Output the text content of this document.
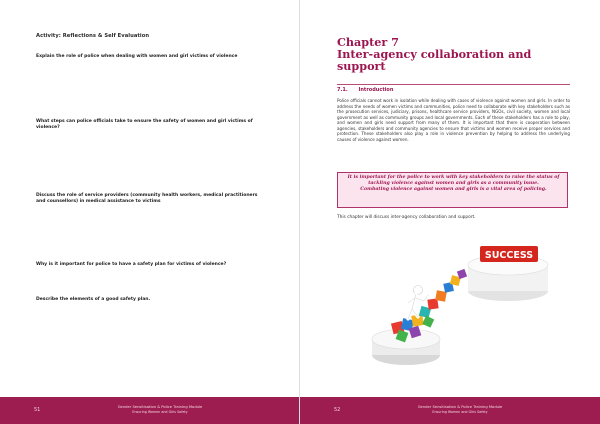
Activity: Reflections & Self Evaluation
Explain the role of police when dealing with women and girl victims of violence
What steps can police officials take to ensure the safety of women and girl victims of violence?
Discuss the role of service providers (community health workers, medical practitioners and counsellors) in medical assistance to victims
Why is it important for police to have a safety plan for victims of violence?
Describe the elements of a good safety plan.
51	Gender Sensitisation & Police Training Module
Ensuring Women and Girls Safety
Chapter 7
Inter-agency collaboration and support
7.1. Introduction
Police officials cannot work in isolation while dealing with cases of violence against women and girls. In order to address the needs of women victims and communities, police need to collaborate with key stakeholders such as the prosecution services, judiciary, prisons, healthcare service providers, NGOs, civil society, women and local government as well as community groups and local governments. Each of these stakeholders has a role to play, and women and girls need support from many of them. It is important that there is cooperation between agencies, stakeholders and community agencies to ensure that victims and women receive proper services and protection. These stakeholders also play a role in violence prevention by helping to address the underlying causes of violence against women.
It is important for the police to work with key stakeholders to raise the status of tackling violence against women and girls as a community issue.
Combating violence against women and girls is a vital area of policing.
This chapter will discuss inter-agency collaboration and support.
SUCCESS
52	Gender Sensitisation & Police Training Module
Ensuring Women and Girls Safety
